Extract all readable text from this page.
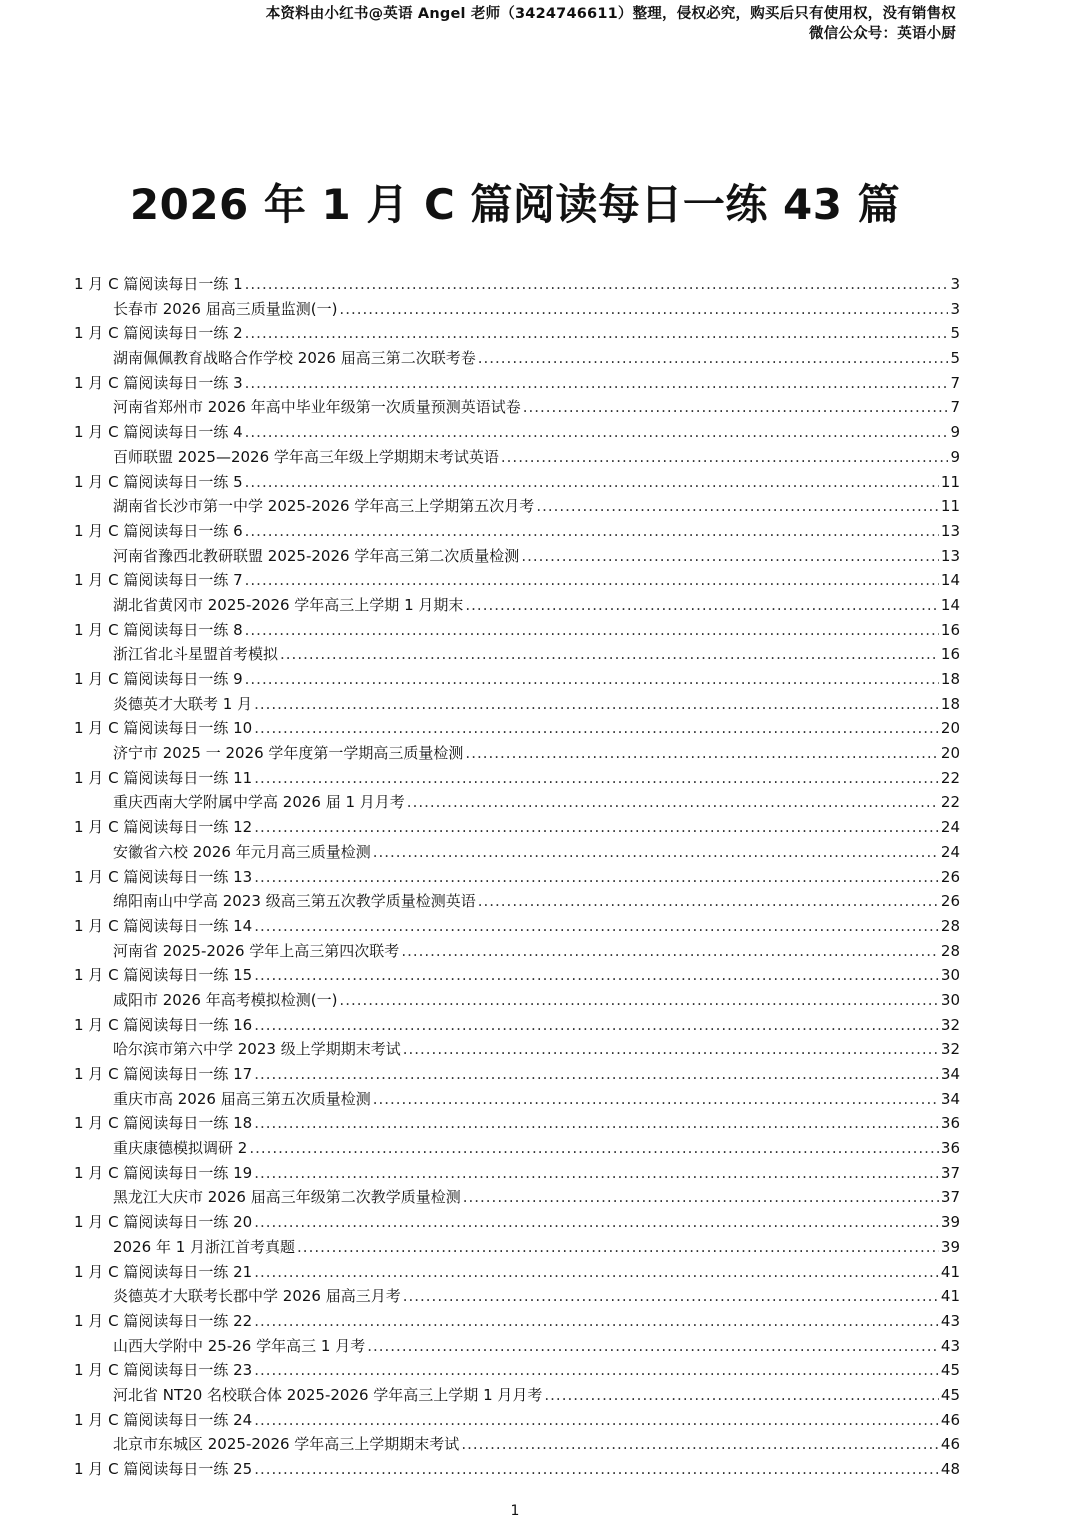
本资料由小红书@英语 Angel 老师（3424746611）整理，侵权必究，购买后只有使用权，没有销售权
微信公众号：英语小厨
2026 年 1 月 C 篇阅读每日一练 43 篇
1 月 C 篇阅读每日一练 1 .....	3
长春市 2026 届高三质量监测(一) .....	3
1 月 C 篇阅读每日一练 2 .....	5
湖南佩佩教育战略合作学校 2026 届高三第二次联考卷 .....	5
1 月 C 篇阅读每日一练 3 .....	7
河南省郑州市 2026 年高中毕业年级第一次质量预测英语试卷 .....	7
1 月 C 篇阅读每日一练 4 .....	9
百师联盟 2025—2026 学年高三年级上学期期末考试英语 .....	9
1 月 C 篇阅读每日一练 5 .....	11
湖南省长沙市第一中学 2025-2026 学年高三上学期第五次月考 .....	11
1 月 C 篇阅读每日一练 6 .....	13
河南省豫西北教研联盟 2025-2026 学年高三第二次质量检测 .....	13
1 月 C 篇阅读每日一练 7 .....	14
湖北省黄冈市 2025-2026 学年高三上学期 1 月期末 .....	14
1 月 C 篇阅读每日一练 8 .....	16
浙江省北斗星盟首考模拟 .....	16
1 月 C 篇阅读每日一练 9 .....	18
炎德英才大联考 1 月 .....	18
1 月 C 篇阅读每日一练 10 .....	20
济宁市 2025 一 2026 学年度第一学期高三质量检测 .....	20
1 月 C 篇阅读每日一练 11 .....	22
重庆西南大学附属中学高 2026 届 1 月月考 .....	22
1 月 C 篇阅读每日一练 12 .....	24
安徽省六校 2026 年元月高三质量检测 .....	24
1 月 C 篇阅读每日一练 13 .....	26
绵阳南山中学高 2023 级高三第五次教学质量检测英语 .....	26
1 月 C 篇阅读每日一练 14 .....	28
河南省 2025-2026 学年上高三第四次联考 .....	28
1 月 C 篇阅读每日一练 15 .....	30
咸阳市 2026 年高考模拟检测(一) .....	30
1 月 C 篇阅读每日一练 16 .....	32
哈尔滨市第六中学 2023 级上学期期末考试 .....	32
1 月 C 篇阅读每日一练 17 .....	34
重庆市高 2026 届高三第五次质量检测 .....	34
1 月 C 篇阅读每日一练 18 .....	36
重庆康德模拟调研 2 .....	36
1 月 C 篇阅读每日一练 19 .....	37
黑龙江大庆市 2026 届高三年级第二次教学质量检测 .....	37
1 月 C 篇阅读每日一练 20 .....	39
2026 年 1 月浙江首考真题 .....	39
1 月 C 篇阅读每日一练 21 .....	41
炎德英才大联考长郡中学 2026 届高三月考 .....	41
1 月 C 篇阅读每日一练 22 .....	43
山西大学附中 25-26 学年高三 1 月考 .....	43
1 月 C 篇阅读每日一练 23 .....	45
河北省 NT20 名校联合体 2025-2026 学年高三上学期 1 月月考 .....	45
1 月 C 篇阅读每日一练 24 .....	46
北京市东城区 2025-2026 学年高三上学期期末考试 .....	46
1 月 C 篇阅读每日一练 25 .....	48
1
